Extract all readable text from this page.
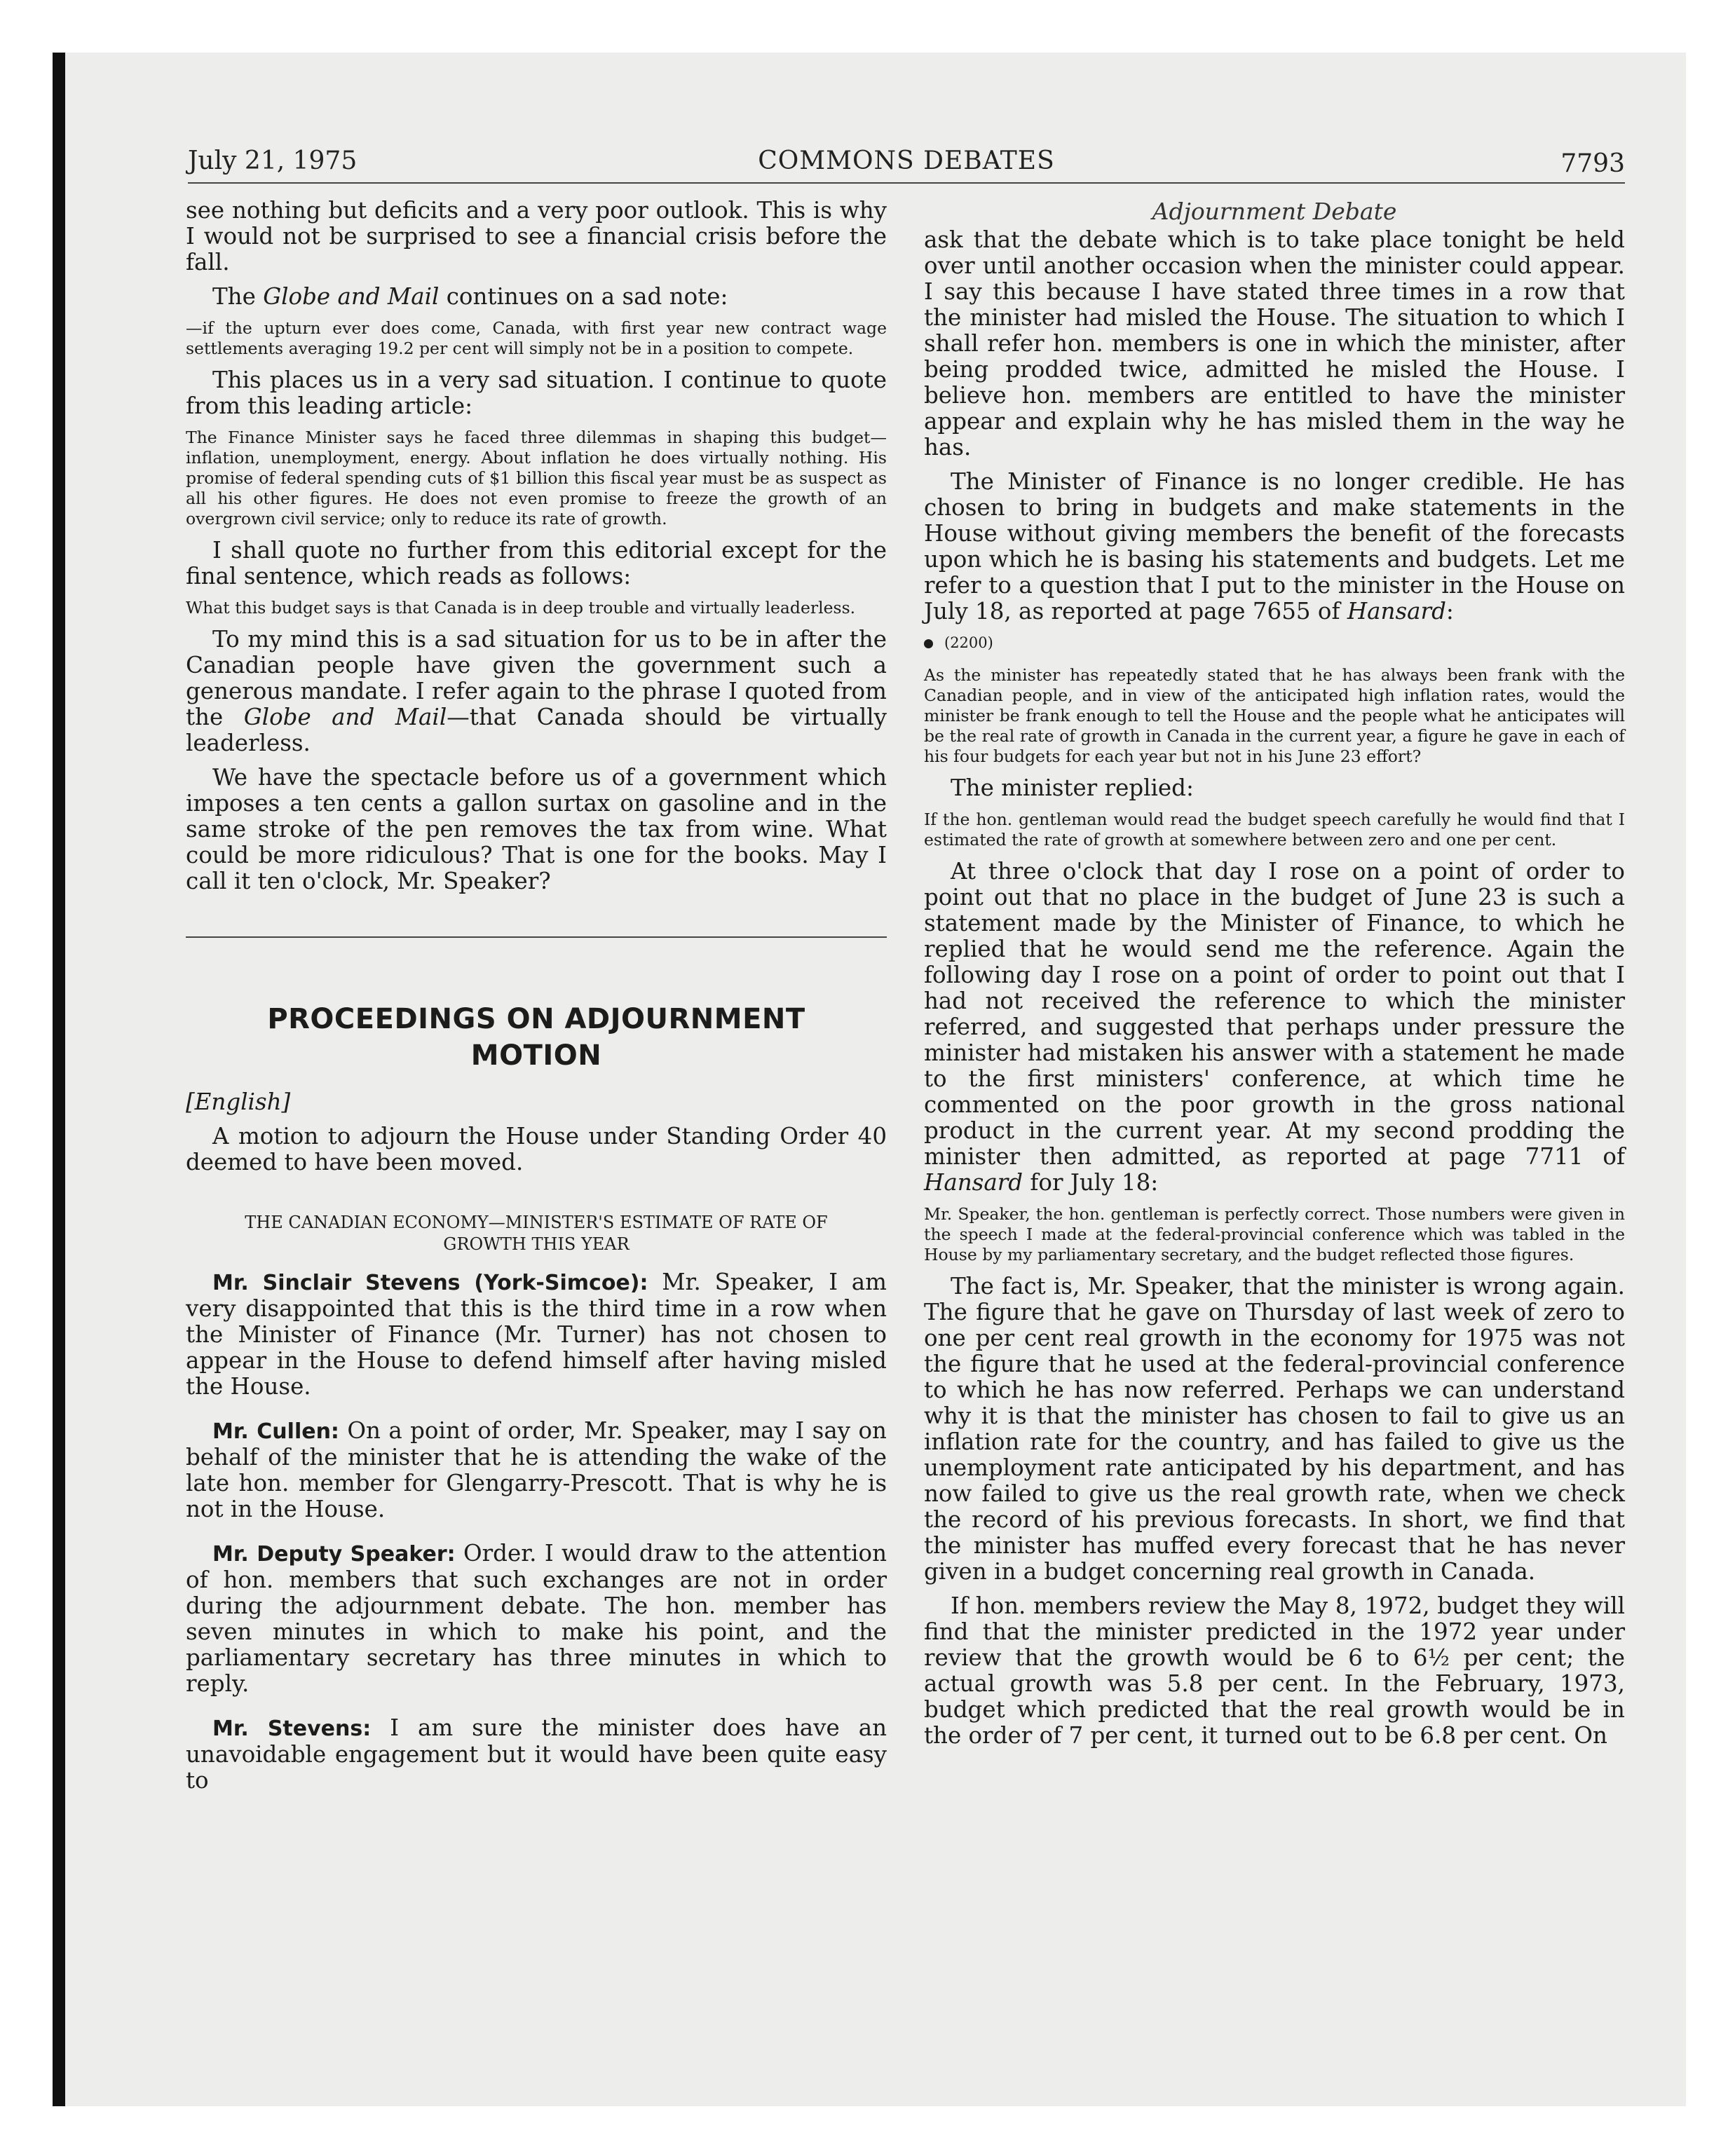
July 21, 1975	COMMONS DEBATES	7793

see nothing but deficits and a very poor outlook. This is why I would not be surprised to see a financial crisis before the fall.

The Globe and Mail continues on a sad note:

—if the upturn ever does come, Canada, with first year new contract wage settlements averaging 19.2 per cent will simply not be in a position to compete.

This places us in a very sad situation. I continue to quote from this leading article:

The Finance Minister says he faced three dilemmas in shaping this budget—inflation, unemployment, energy. About inflation he does virtually nothing. His promise of federal spending cuts of $1 billion this fiscal year must be as suspect as all his other figures. He does not even promise to freeze the growth of an overgrown civil service; only to reduce its rate of growth.

I shall quote no further from this editorial except for the final sentence, which reads as follows:

What this budget says is that Canada is in deep trouble and virtually leaderless.

To my mind this is a sad situation for us to be in after the Canadian people have given the government such a generous mandate. I refer again to the phrase I quoted from the Globe and Mail—that Canada should be virtually leaderless.

We have the spectacle before us of a government which imposes a ten cents a gallon surtax on gasoline and in the same stroke of the pen removes the tax from wine. What could be more ridiculous? That is one for the books. May I call it ten o'clock, Mr. Speaker?

PROCEEDINGS ON ADJOURNMENT
MOTION

[English]

A motion to adjourn the House under Standing Order 40 deemed to have been moved.

THE CANADIAN ECONOMY—MINISTER'S ESTIMATE OF RATE OF GROWTH THIS YEAR

Mr. Sinclair Stevens (York-Simcoe): Mr. Speaker, I am very disappointed that this is the third time in a row when the Minister of Finance (Mr. Turner) has not chosen to appear in the House to defend himself after having misled the House.

Mr. Cullen: On a point of order, Mr. Speaker, may I say on behalf of the minister that he is attending the wake of the late hon. member for Glengarry-Prescott. That is why he is not in the House.

Mr. Deputy Speaker: Order. I would draw to the attention of hon. members that such exchanges are not in order during the adjournment debate. The hon. member has seven minutes in which to make his point, and the parliamentary secretary has three minutes in which to reply.

Mr. Stevens: I am sure the minister does have an unavoidable engagement but it would have been quite easy to

Adjournment Debate

ask that the debate which is to take place tonight be held over until another occasion when the minister could appear. I say this because I have stated three times in a row that the minister had misled the House. The situation to which I shall refer hon. members is one in which the minister, after being prodded twice, admitted he misled the House. I believe hon. members are entitled to have the minister appear and explain why he has misled them in the way he has.

The Minister of Finance is no longer credible. He has chosen to bring in budgets and make statements in the House without giving members the benefit of the forecasts upon which he is basing his statements and budgets. Let me refer to a question that I put to the minister in the House on July 18, as reported at page 7655 of Hansard:

(2200)

As the minister has repeatedly stated that he has always been frank with the Canadian people, and in view of the anticipated high inflation rates, would the minister be frank enough to tell the House and the people what he anticipates will be the real rate of growth in Canada in the current year, a figure he gave in each of his four budgets for each year but not in his June 23 effort?

The minister replied:

If the hon. gentleman would read the budget speech carefully he would find that I estimated the rate of growth at somewhere between zero and one per cent.

At three o'clock that day I rose on a point of order to point out that no place in the budget of June 23 is such a statement made by the Minister of Finance, to which he replied that he would send me the reference. Again the following day I rose on a point of order to point out that I had not received the reference to which the minister referred, and suggested that perhaps under pressure the minister had mistaken his answer with a statement he made to the first ministers' conference, at which time he commented on the poor growth in the gross national product in the current year. At my second prodding the minister then admitted, as reported at page 7711 of Hansard for July 18:

Mr. Speaker, the hon. gentleman is perfectly correct. Those numbers were given in the speech I made at the federal-provincial conference which was tabled in the House by my parliamentary secretary, and the budget reflected those figures.

The fact is, Mr. Speaker, that the minister is wrong again. The figure that he gave on Thursday of last week of zero to one per cent real growth in the economy for 1975 was not the figure that he used at the federal-provincial conference to which he has now referred. Perhaps we can understand why it is that the minister has chosen to fail to give us an inflation rate for the country, and has failed to give us the unemployment rate anticipated by his department, and has now failed to give us the real growth rate, when we check the record of his previous forecasts. In short, we find that the minister has muffed every forecast that he has never given in a budget concerning real growth in Canada.

If hon. members review the May 8, 1972, budget they will find that the minister predicted in the 1972 year under review that the growth would be 6 to 6½ per cent; the actual growth was 5.8 per cent. In the February, 1973, budget which predicted that the real growth would be in the order of 7 per cent, it turned out to be 6.8 per cent. On
